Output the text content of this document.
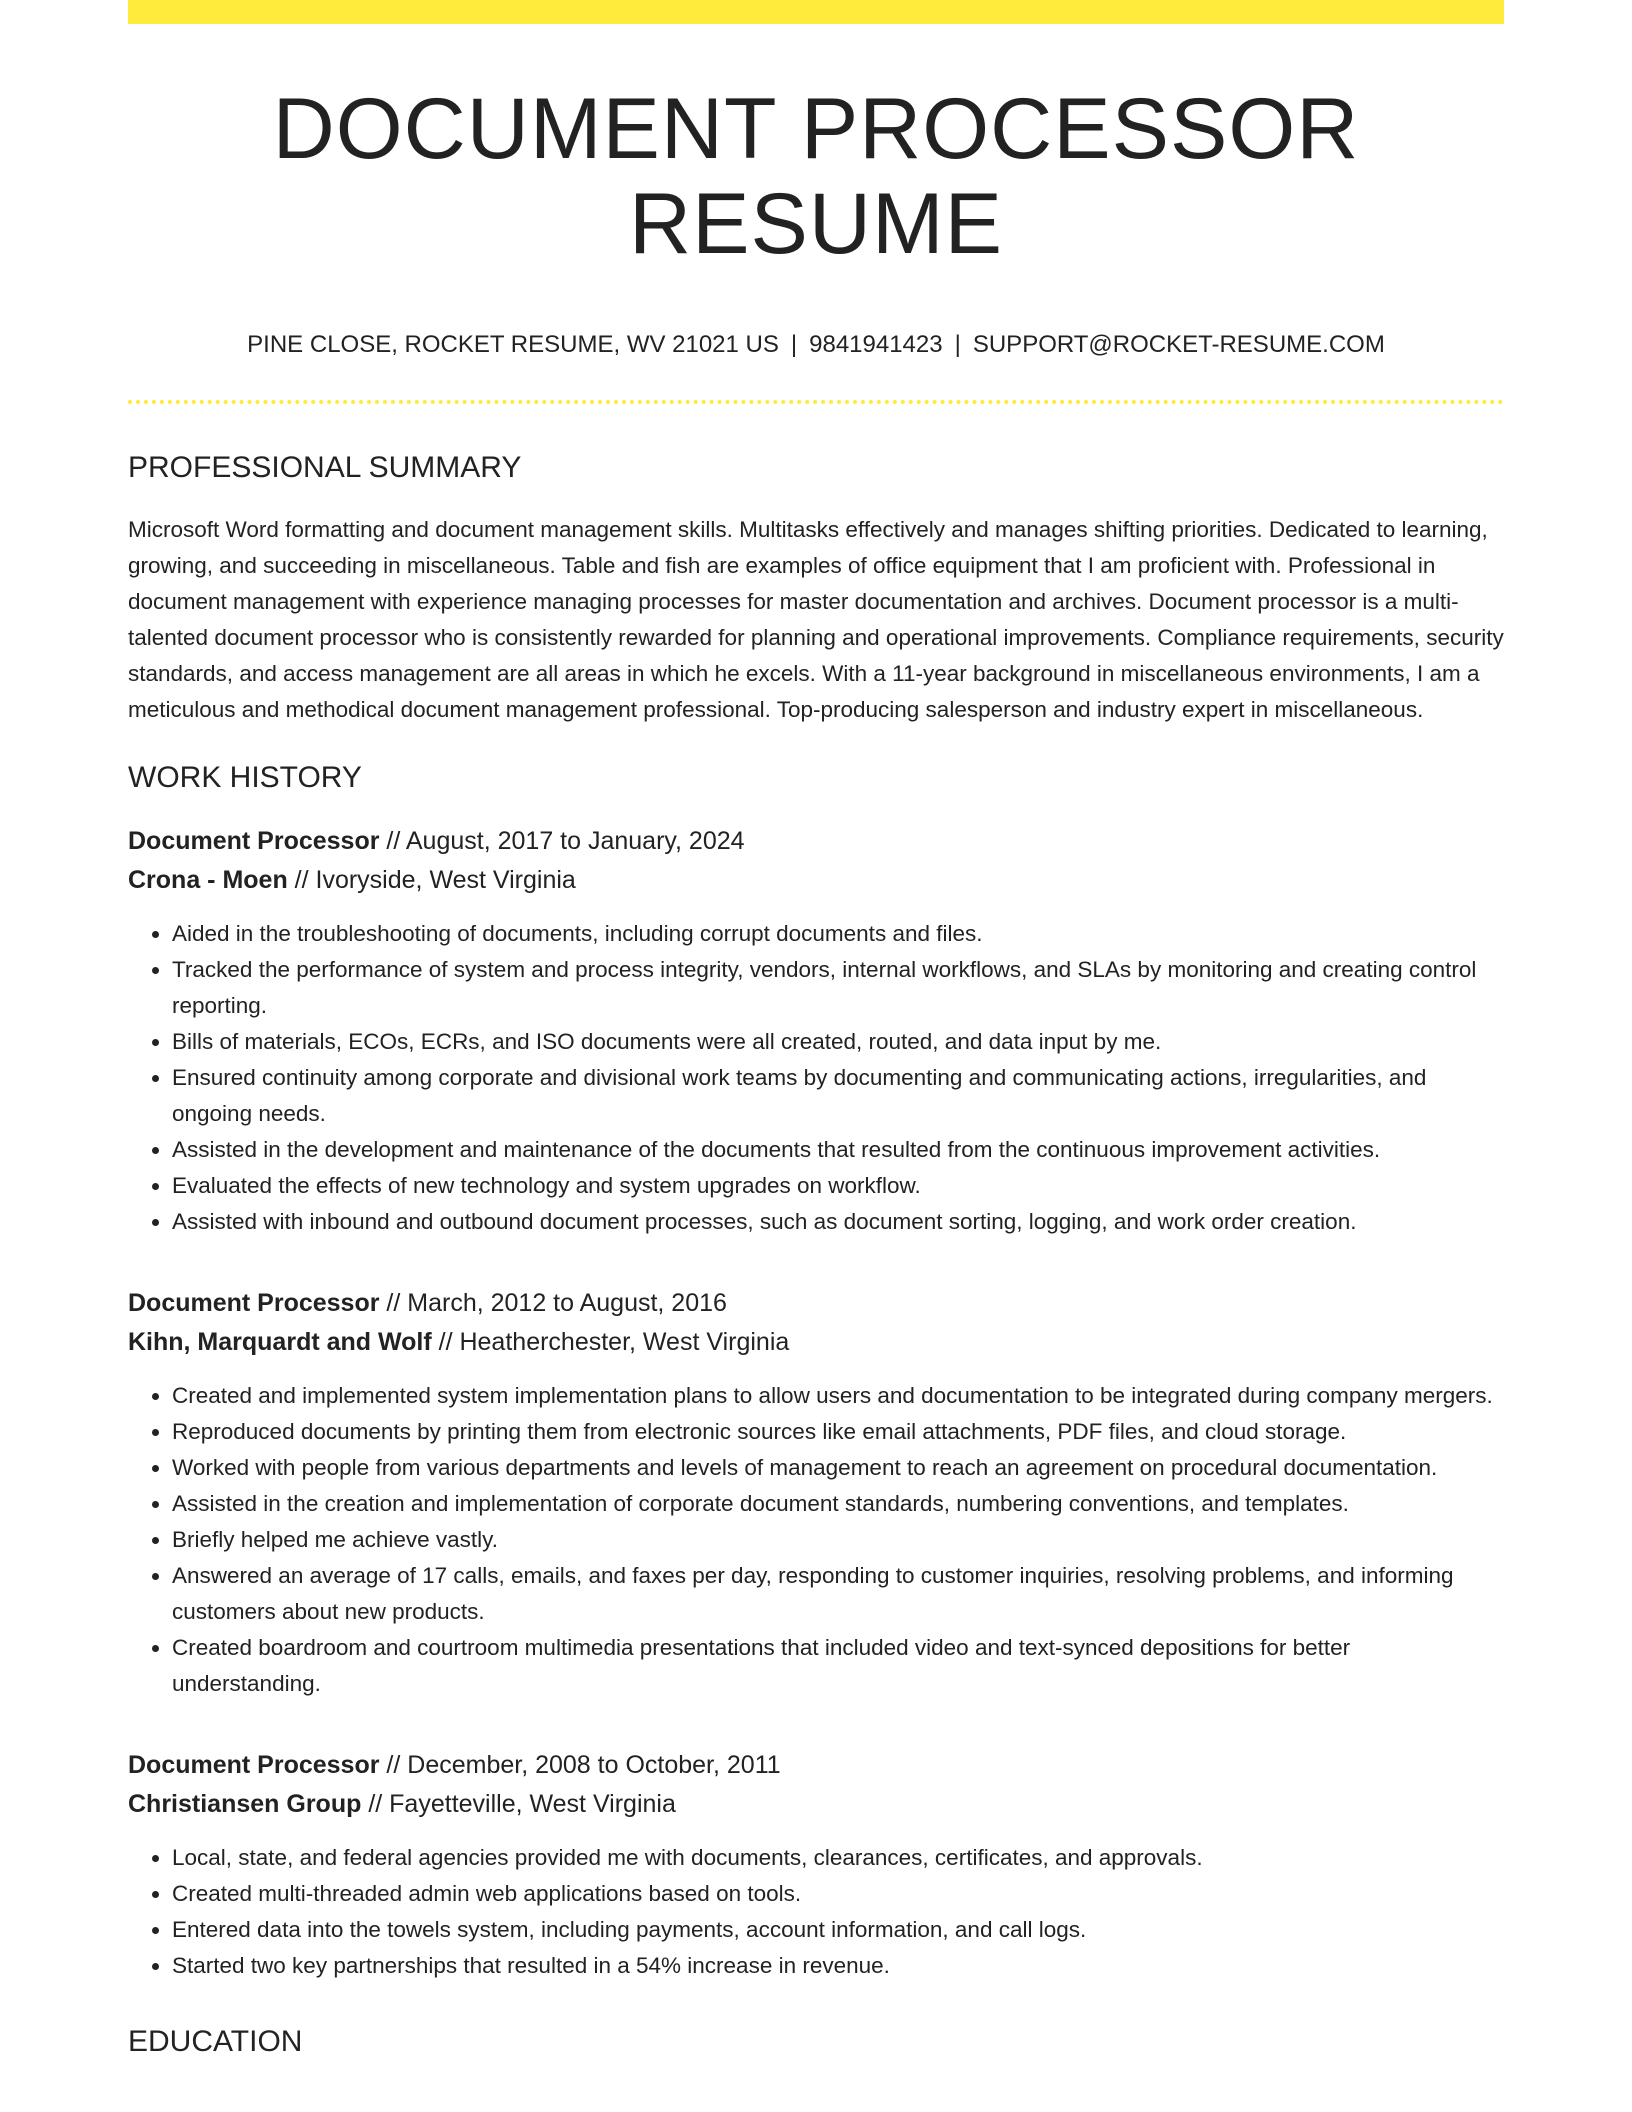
DOCUMENT PROCESSOR RESUME
PINE CLOSE, ROCKET RESUME, WV 21021 US | 9841941423 | SUPPORT@ROCKET-RESUME.COM
PROFESSIONAL SUMMARY
Microsoft Word formatting and document management skills. Multitasks effectively and manages shifting priorities. Dedicated to learning, growing, and succeeding in miscellaneous. Table and fish are examples of office equipment that I am proficient with. Professional in document management with experience managing processes for master documentation and archives. Document processor is a multi-talented document processor who is consistently rewarded for planning and operational improvements. Compliance requirements, security standards, and access management are all areas in which he excels. With a 11-year background in miscellaneous environments, I am a meticulous and methodical document management professional. Top-producing salesperson and industry expert in miscellaneous.
WORK HISTORY
Document Processor // August, 2017 to January, 2024
Crona - Moen // Ivoryside, West Virginia
• Aided in the troubleshooting of documents, including corrupt documents and files.
• Tracked the performance of system and process integrity, vendors, internal workflows, and SLAs by monitoring and creating control reporting.
• Bills of materials, ECOs, ECRs, and ISO documents were all created, routed, and data input by me.
• Ensured continuity among corporate and divisional work teams by documenting and communicating actions, irregularities, and ongoing needs.
• Assisted in the development and maintenance of the documents that resulted from the continuous improvement activities.
• Evaluated the effects of new technology and system upgrades on workflow.
• Assisted with inbound and outbound document processes, such as document sorting, logging, and work order creation.
Document Processor // March, 2012 to August, 2016
Kihn, Marquardt and Wolf // Heatherchester, West Virginia
• Created and implemented system implementation plans to allow users and documentation to be integrated during company mergers.
• Reproduced documents by printing them from electronic sources like email attachments, PDF files, and cloud storage.
• Worked with people from various departments and levels of management to reach an agreement on procedural documentation.
• Assisted in the creation and implementation of corporate document standards, numbering conventions, and templates.
• Briefly helped me achieve vastly.
• Answered an average of 17 calls, emails, and faxes per day, responding to customer inquiries, resolving problems, and informing customers about new products.
• Created boardroom and courtroom multimedia presentations that included video and text-synced depositions for better understanding.
Document Processor // December, 2008 to October, 2011
Christiansen Group // Fayetteville, West Virginia
• Local, state, and federal agencies provided me with documents, clearances, certificates, and approvals.
• Created multi-threaded admin web applications based on tools.
• Entered data into the towels system, including payments, account information, and call logs.
• Started two key partnerships that resulted in a 54% increase in revenue.
EDUCATION
